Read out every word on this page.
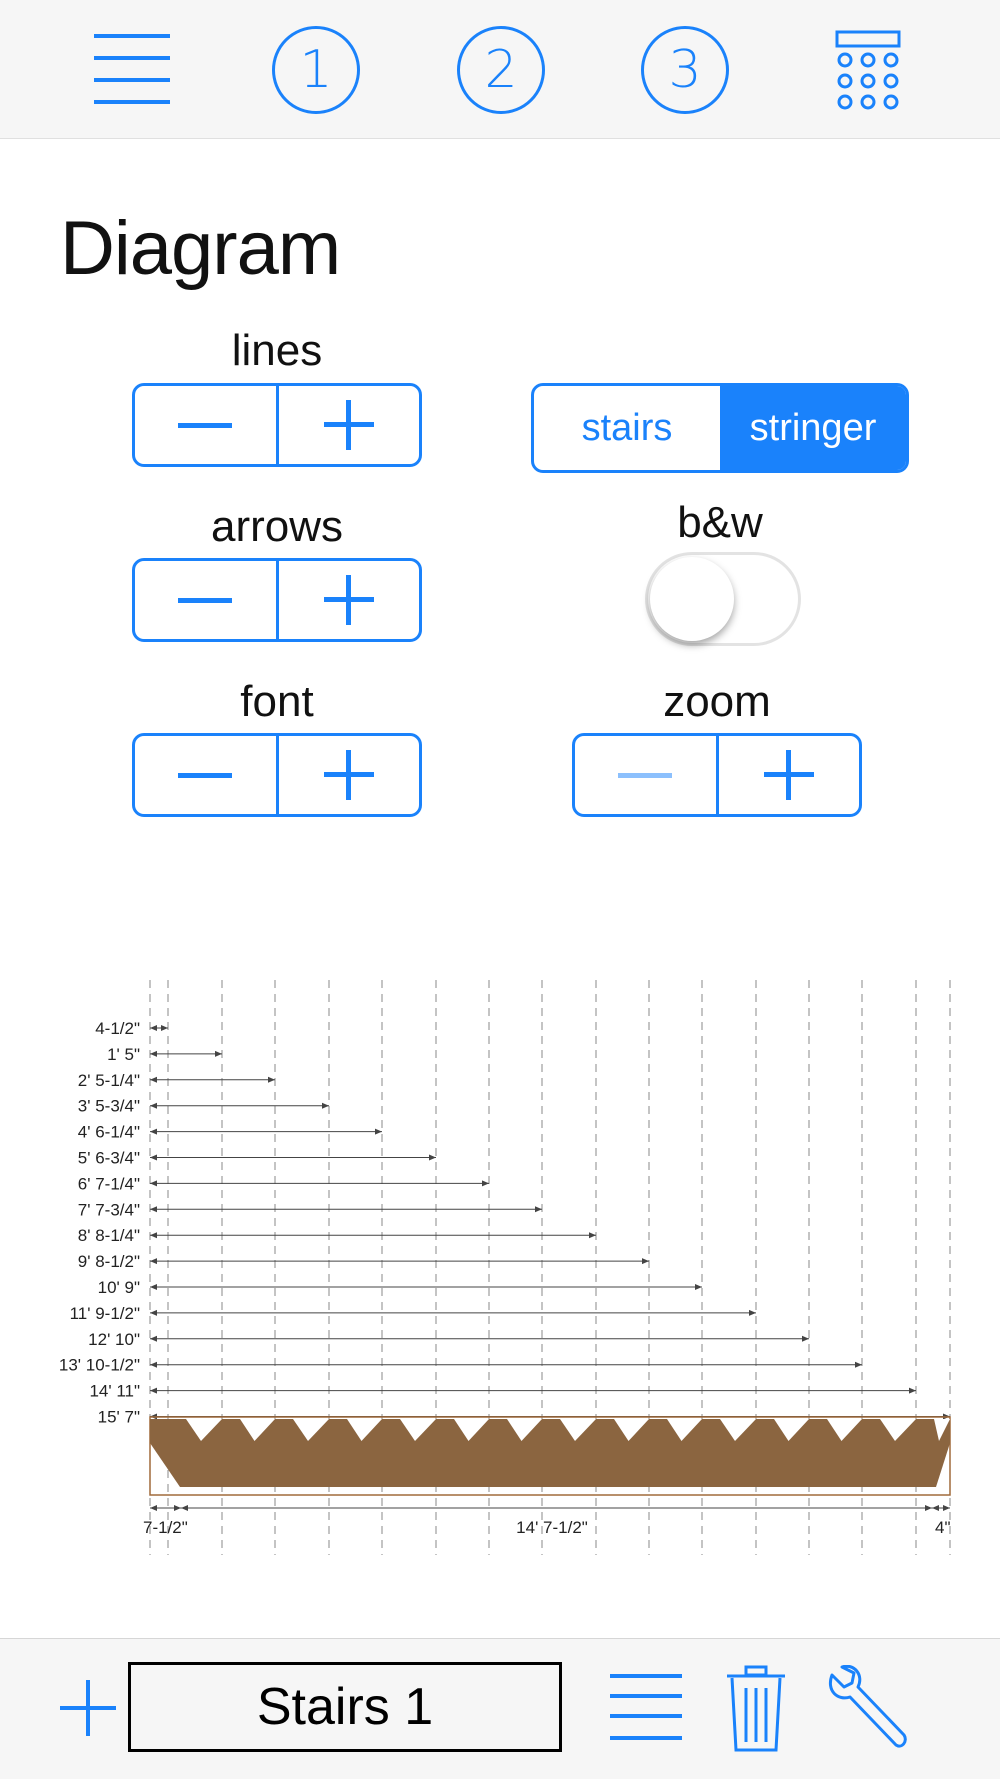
1	2	3
Diagram
lines
stairs	stringer
arrows	b&w
font	zoom
4-1/2"
1' 5"
2' 5-1/4"
3' 5-3/4"
4' 6-1/4"
5' 6-3/4"
6' 7-1/4"
7' 7-3/4"
8' 8-1/4"
9' 8-1/2"
10' 9"
11' 9-1/2"
12' 10"
13' 10-1/2"
14' 11"
15' 7"
7-1/2"	14' 7-1/2"	4"
Stairs 1
